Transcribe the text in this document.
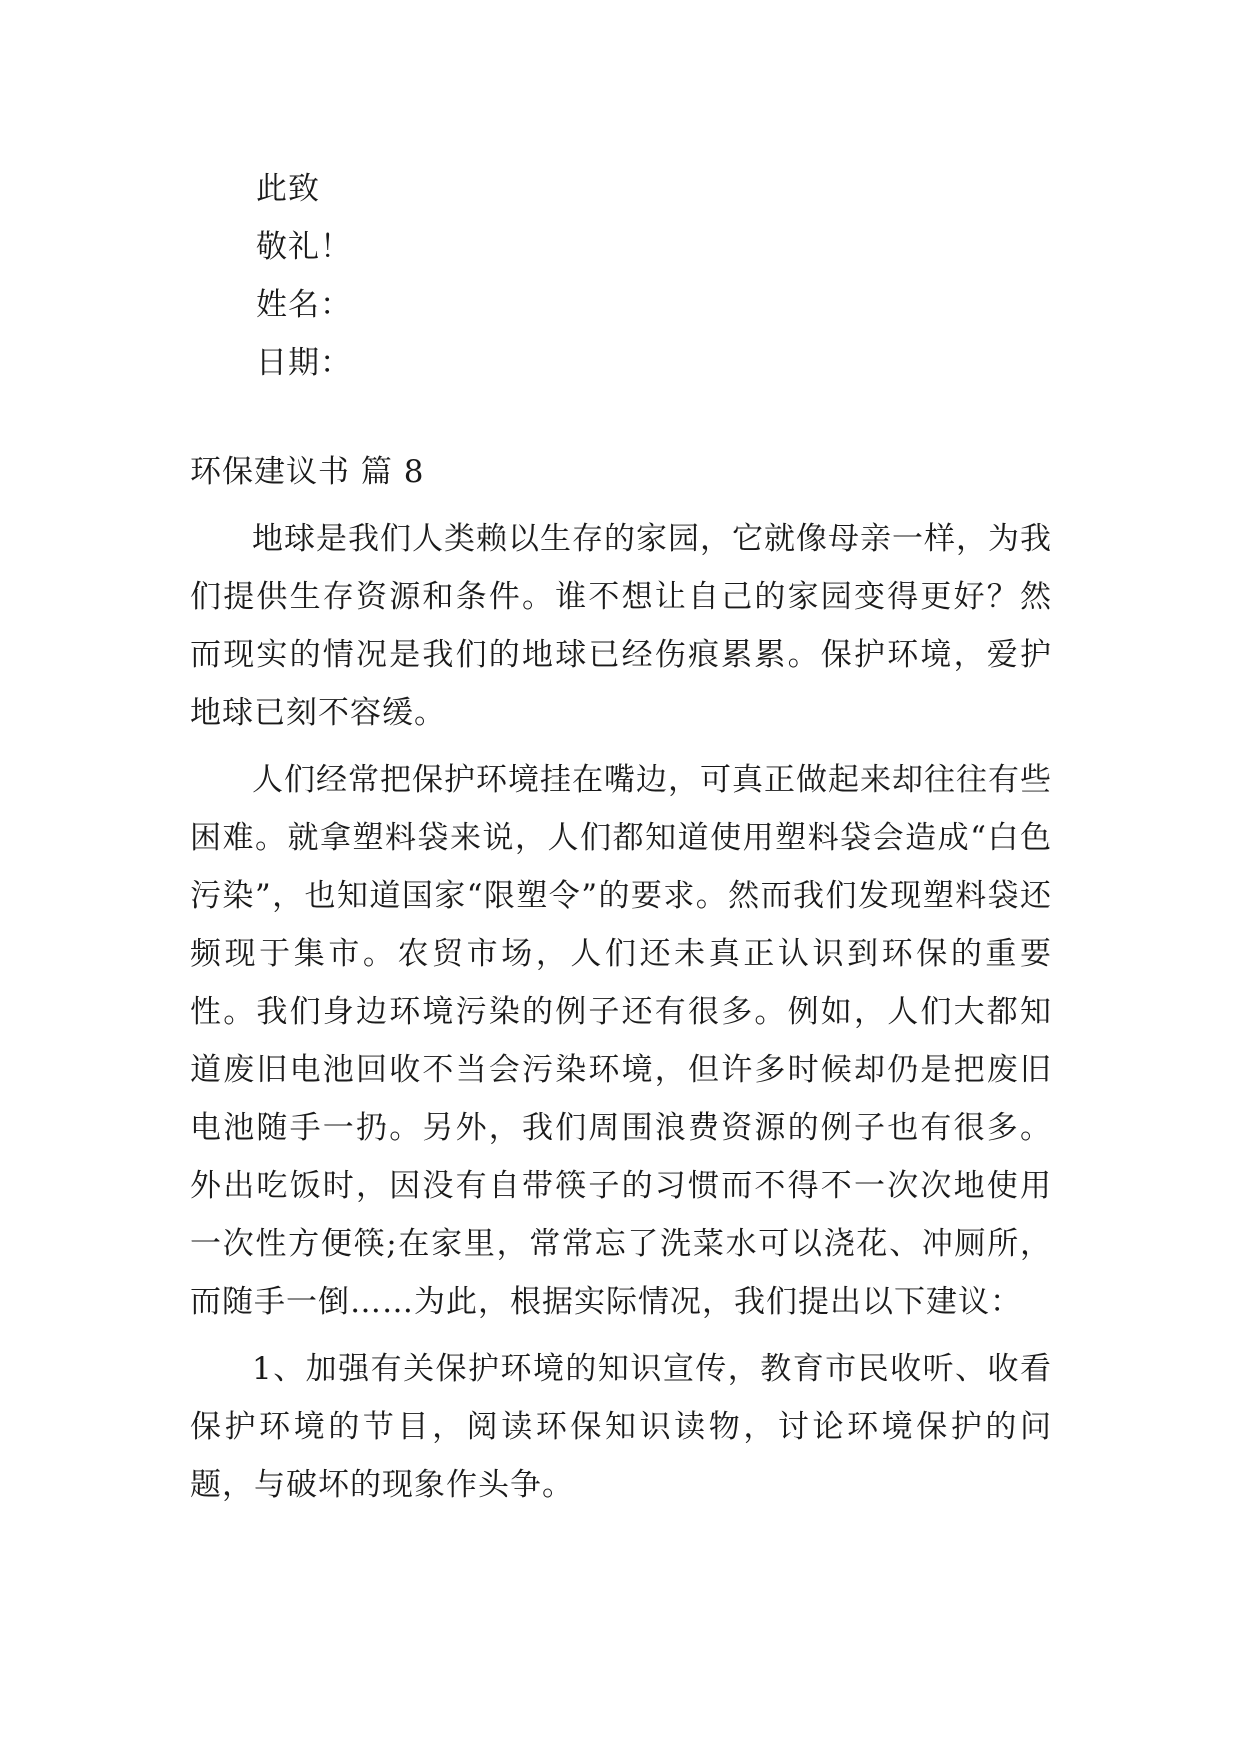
此致
敬礼！
姓名：
日期：
环保建议书 篇 8

地球是我们人类赖以生存的家园，它就像母亲一样，为我们提供生存资源和条件。谁不想让自己的家园变得更好？然而现实的情况是我们的地球已经伤痕累累。保护环境，爱护地球已刻不容缓。

人们经常把保护环境挂在嘴边，可真正做起来却往往有些困难。就拿塑料袋来说，人们都知道使用塑料袋会造成“白色污染”，也知道国家“限塑令”的要求。然而我们发现塑料袋还频现于集市。农贸市场，人们还未真正认识到环保的重要性。我们身边环境污染的例子还有很多。例如，人们大都知道废旧电池回收不当会污染环境，但许多时候却仍是把废旧电池随手一扔。另外，我们周围浪费资源的例子也有很多。外出吃饭时，因没有自带筷子的习惯而不得不一次次地使用一次性方便筷;在家里，常常忘了洗菜水可以浇花、冲厕所，而随手一倒……为此，根据实际情况，我们提出以下建议：

1、加强有关保护环境的知识宣传，教育市民收听、收看保护环境的节目，阅读环保知识读物，讨论环境保护的问题，与破坏的现象作头争。
